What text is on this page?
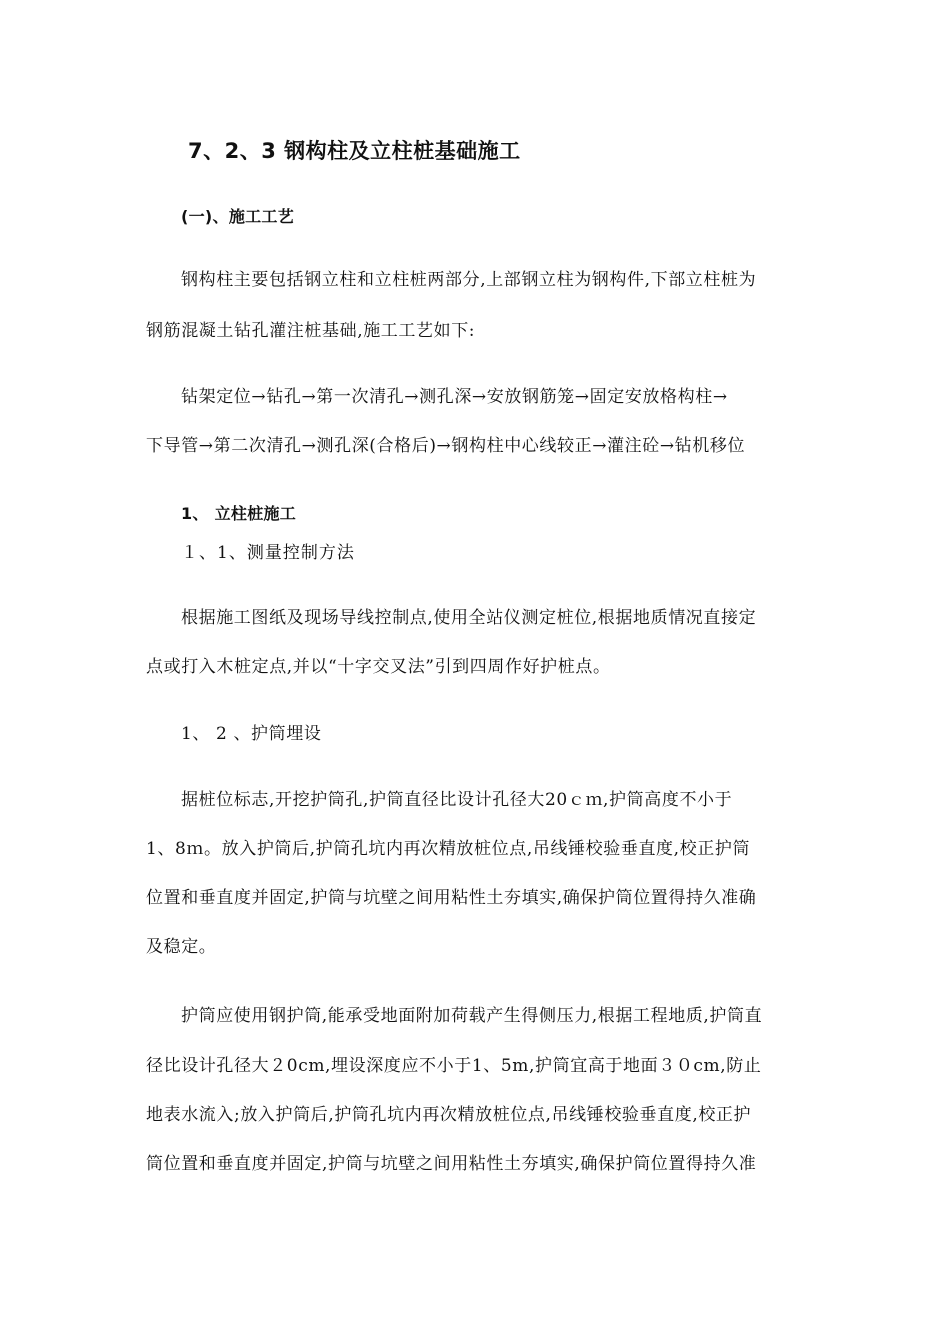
7、2、3 钢构柱及立柱桩基础施工
(一)、施工工艺
钢构柱主要包括钢立柱和立柱桩两部分,上部钢立柱为钢构件,下部立柱桩为
钢筋混凝土钻孔灌注桩基础,施工工艺如下:
钻架定位→钻孔→第一次清孔→测孔深→安放钢筋笼→固定安放格构柱→
下导管→第二次清孔→测孔深(合格后)→钢构柱中心线较正→灌注砼→钻机移位
1、 立柱桩施工
１、1、测量控制方法
根据施工图纸及现场导线控制点,使用全站仪测定桩位,根据地质情况直接定
点或打入木桩定点,并以“十字交叉法”引到四周作好护桩点。
1、 2 、护筒埋设
据桩位标志,开挖护筒孔,护筒直径比设计孔径大20ｃｍ,护筒高度不小于
1、8ｍ。放入护筒后,护筒孔坑内再次精放桩位点,吊线锤校验垂直度,校正护筒
位置和垂直度并固定,护筒与坑壁之间用粘性土夯填实,确保护筒位置得持久准确
及稳定。
护筒应使用钢护筒,能承受地面附加荷载产生得侧压力,根据工程地质,护筒直
径比设计孔径大２0cm,埋设深度应不小于1、5m,护筒宜高于地面３０cm,防止
地表水流入;放入护筒后,护筒孔坑内再次精放桩位点,吊线锤校验垂直度,校正护
筒位置和垂直度并固定,护筒与坑壁之间用粘性土夯填实,确保护筒位置得持久准
